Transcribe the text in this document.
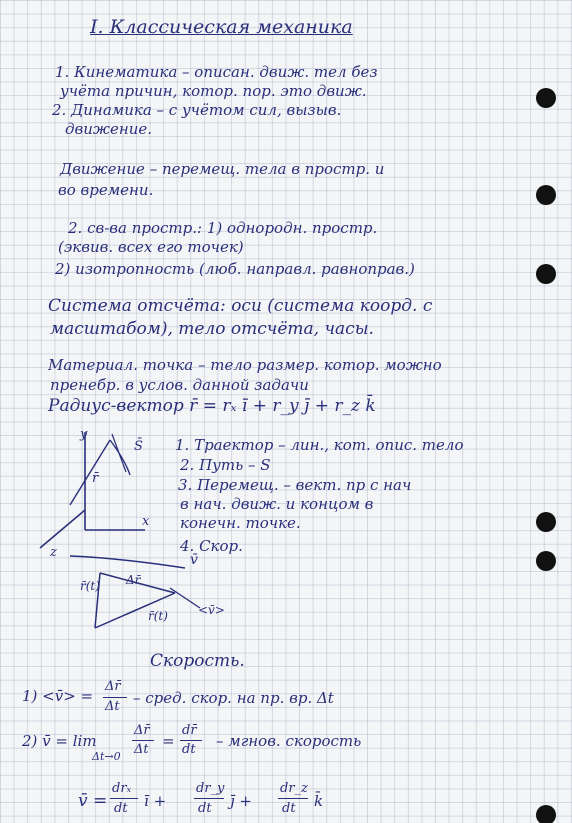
I. Классическая механика
1. Кинематика – описан. движ. тел без
учёта причин, котор. пор. это движ.
2. Динамика – с учётом сил, вызыв.
движение.
Движение – перемещ. тела в простр. и
во времени.
2. св-ва простр.: 1) однородн. простр.
(эквив. всех его точек)
2) изотропность (люб. направл. равноправ.)
Система отсчёта: оси (система коорд. с
масштабом), тело отсчёта, часы.
Материал. точка – тело размер. котор. можно
пренебр. в услов. данной задачи
Радиус-вектор r̄ = rₓ ī + r_y j̄ + r_z k̄
y
x
z
r̄
S̄ 1. Траектор – лин., кот. опис. тело
2. Путь – S
3. Перемещ. – вект. пр с нач
в нач. движ. и концом в
конечн. точке.
4. Скор.
v̄
r̄(t) Δr̄
r̄(t)	<v̄>
Скорость.
1) <v̄> =
Δr̄
Δt – сред. скор. на пр. вр. Δt
2) v̄ = lim
Δt→0
Δr̄
Δt =
dr̄
dt – мгнов. скорость
v̄ =
drₓ
dt ī +
dr_y
dt j̄ +
dr_z
dt k̄
